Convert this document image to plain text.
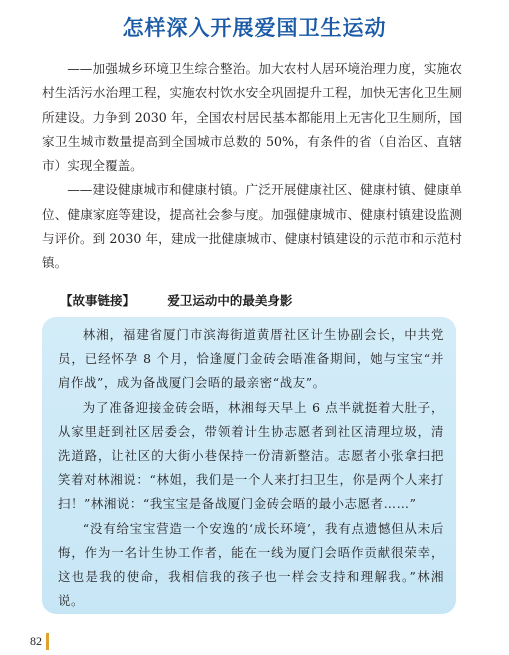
怎样深入开展爱国卫生运动

——加强城乡环境卫生综合整治。加大农村人居环境治理力度，实施农村生活污水治理工程，实施农村饮水安全巩固提升工程，加快无害化卫生厕所建设。力争到 2030 年，全国农村居民基本都能用上无害化卫生厕所，国家卫生城市数量提高到全国城市总数的 50%，有条件的省（自治区、直辖市）实现全覆盖。

——建设健康城市和健康村镇。广泛开展健康社区、健康村镇、健康单位、健康家庭等建设，提高社会参与度。加强健康城市、健康村镇建设监测与评价。到 2030 年，建成一批健康城市、健康村镇建设的示范市和示范村镇。

【故事链接】	爱卫运动中的最美身影

林湘，福建省厦门市滨海街道黄厝社区计生协副会长，中共党员，已经怀孕 8 个月，恰逢厦门金砖会晤准备期间，她与宝宝“并肩作战”，成为备战厦门会晤的最亲密“战友”。

为了准备迎接金砖会晤，林湘每天早上 6 点半就挺着大肚子，从家里赶到社区居委会，带领着计生协志愿者到社区清理垃圾，清洗道路，让社区的大街小巷保持一份清新整洁。志愿者小张拿扫把笑着对林湘说：“林姐，我们是一个人来打扫卫生，你是两个人来打扫！”林湘说：“我宝宝是备战厦门金砖会晤的最小志愿者……”

“没有给宝宝营造一个安逸的‘成长环境’，我有点遗憾但从未后悔，作为一名计生协工作者，能在一线为厦门会晤作贡献很荣幸，这也是我的使命，我相信我的孩子也一样会支持和理解我。”林湘说。

82
